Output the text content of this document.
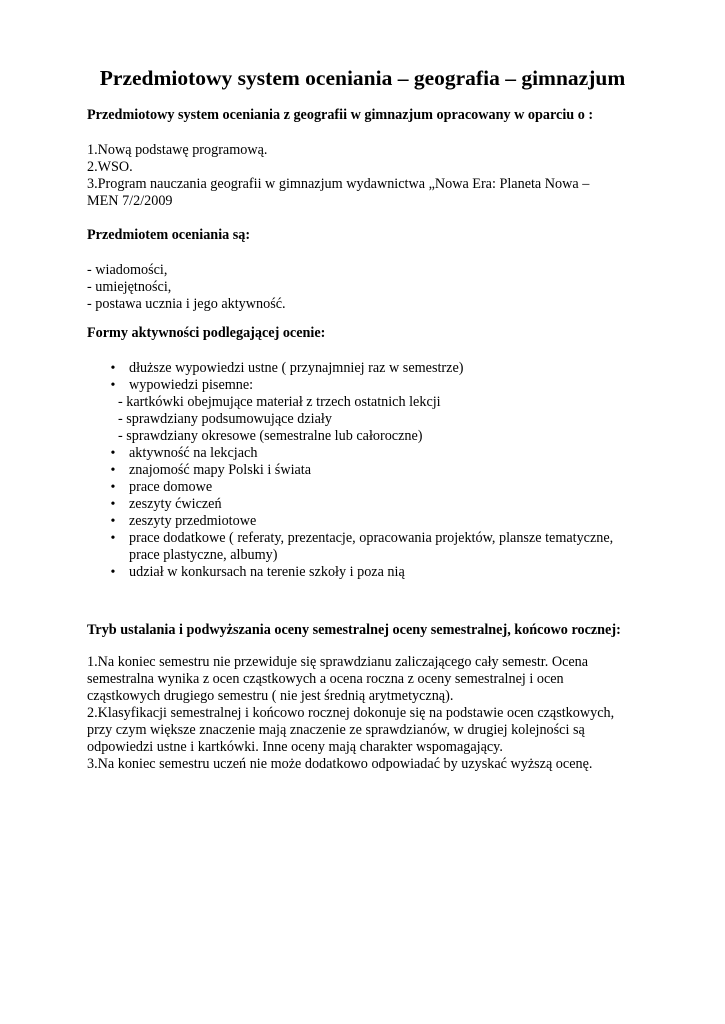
Przedmiotowy system oceniania – geografia – gimnazjum
Przedmiotowy system oceniania z geografii w gimnazjum opracowany w oparciu o :
1.Nową podstawę programową.
2.WSO.
3.Program nauczania geografii w gimnazjum wydawnictwa „Nowa Era: Planeta Nowa –
MEN 7/2/2009
Przedmiotem oceniania są:
- wiadomości,
- umiejętności,
- postawa ucznia i jego aktywność.
Formy aktywności podlegającej ocenie:
• dłuższe wypowiedzi ustne ( przynajmniej raz w semestrze)
• wypowiedzi pisemne:
- kartkówki obejmujące materiał z trzech ostatnich lekcji
- sprawdziany podsumowujące działy
- sprawdziany okresowe (semestralne lub całoroczne)
• aktywność na lekcjach
• znajomość mapy Polski i świata
• prace domowe
• zeszyty ćwiczeń
• zeszyty przedmiotowe
• prace dodatkowe ( referaty, prezentacje, opracowania projektów, plansze tematyczne,
prace plastyczne, albumy)
• udział w konkursach na terenie szkoły i poza nią
Tryb ustalania i podwyższania oceny semestralnej oceny semestralnej, końcowo rocznej:
1.Na koniec semestru nie przewiduje się sprawdzianu zaliczającego cały semestr. Ocena
semestralna wynika z ocen cząstkowych a ocena roczna z oceny semestralnej i ocen
cząstkowych drugiego semestru ( nie jest średnią arytmetyczną).
2.Klasyfikacji semestralnej i końcowo rocznej dokonuje się na podstawie ocen cząstkowych,
przy czym większe znaczenie mają znaczenie ze sprawdzianów, w drugiej kolejności są
odpowiedzi ustne i kartkówki. Inne oceny mają charakter wspomagający.
3.Na koniec semestru uczeń nie może dodatkowo odpowiadać by uzyskać wyższą ocenę.
